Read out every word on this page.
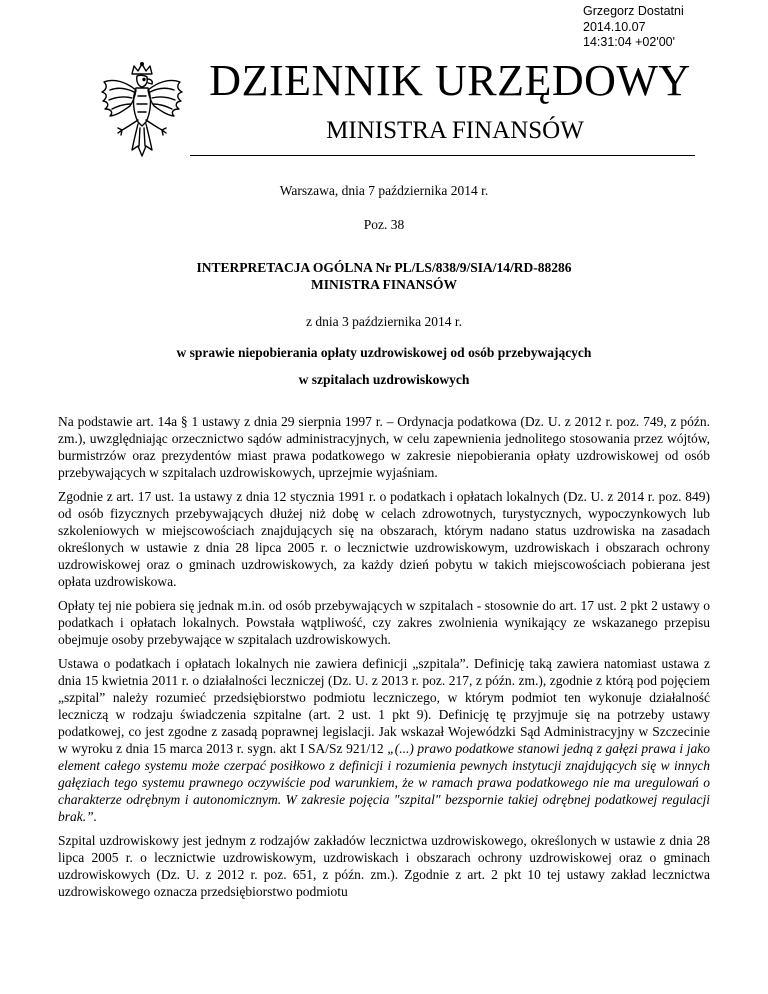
Grzegorz Dostatni
2014.10.07
14:31:04 +02'00'
DZIENNIK URZĘDOWY
MINISTRA FINANSÓW
Warszawa, dnia 7 października 2014 r.
Poz. 38
INTERPRETACJA OGÓLNA Nr PL/LS/838/9/SIA/14/RD-88286
MINISTRA FINANSÓW
z dnia 3 października 2014 r.
w sprawie niepobierania opłaty uzdrowiskowej od osób przebywających
w szpitalach uzdrowiskowych

Na podstawie art. 14a § 1 ustawy z dnia 29 sierpnia 1997 r. – Ordynacja podatkowa (Dz. U. z 2012 r. poz. 749, z późn. zm.), uwzględniając orzecznictwo sądów administracyjnych, w celu zapewnienia jednolitego stosowania przez wójtów, burmistrzów oraz prezydentów miast prawa podatkowego w zakresie niepobierania opłaty uzdrowiskowej od osób przebywających w szpitalach uzdrowiskowych, uprzejmie wyjaśniam.

Zgodnie z art. 17 ust. 1a ustawy z dnia 12 stycznia 1991 r. o podatkach i opłatach lokalnych (Dz. U. z 2014 r. poz. 849) od osób fizycznych przebywających dłużej niż dobę w celach zdrowotnych, turystycznych, wypoczynkowych lub szkoleniowych w miejscowościach znajdujących się na obszarach, którym nadano status uzdrowiska na zasadach określonych w ustawie z dnia 28 lipca 2005 r. o lecznictwie uzdrowiskowym, uzdrowiskach i obszarach ochrony uzdrowiskowej oraz o gminach uzdrowiskowych, za każdy dzień pobytu w takich miejscowościach pobierana jest opłata uzdrowiskowa.

Opłaty tej nie pobiera się jednak m.in. od osób przebywających w szpitalach - stosownie do art. 17 ust. 2 pkt 2 ustawy o podatkach i opłatach lokalnych. Powstała wątpliwość, czy zakres zwolnienia wynikający ze wskazanego przepisu obejmuje osoby przebywające w szpitalach uzdrowiskowych.

Ustawa o podatkach i opłatach lokalnych nie zawiera definicji „szpitala”. Definicję taką zawiera natomiast ustawa z dnia 15 kwietnia 2011 r. o działalności leczniczej (Dz. U. z 2013 r. poz. 217, z późn. zm.), zgodnie z którą pod pojęciem „szpital” należy rozumieć przedsiębiorstwo podmiotu leczniczego, w którym podmiot ten wykonuje działalność leczniczą w rodzaju świadczenia szpitalne (art. 2 ust. 1 pkt 9). Definicję tę przyjmuje się na potrzeby ustawy podatkowej, co jest zgodne z zasadą poprawnej legislacji. Jak wskazał Wojewódzki Sąd Administracyjny w Szczecinie w wyroku z dnia 15 marca 2013 r. sygn. akt I SA/Sz 921/12 „(...) prawo podatkowe stanowi jedną z gałęzi prawa i jako element całego systemu może czerpać posiłkowo z definicji i rozumienia pewnych instytucji znajdujących się w innych gałęziach tego systemu prawnego oczywiście pod warunkiem, że w ramach prawa podatkowego nie ma uregulowań o charakterze odrębnym i autonomicznym. W zakresie pojęcia "szpital" bezspornie takiej odrębnej podatkowej regulacji brak.”.

Szpital uzdrowiskowy jest jednym z rodzajów zakładów lecznictwa uzdrowiskowego, określonych w ustawie z dnia 28 lipca 2005 r. o lecznictwie uzdrowiskowym, uzdrowiskach i obszarach ochrony uzdrowiskowej oraz o gminach uzdrowiskowych (Dz. U. z 2012 r. poz. 651, z późn. zm.). Zgodnie z art. 2 pkt 10 tej ustawy zakład lecznictwa uzdrowiskowego oznacza przedsiębiorstwo podmiotu
